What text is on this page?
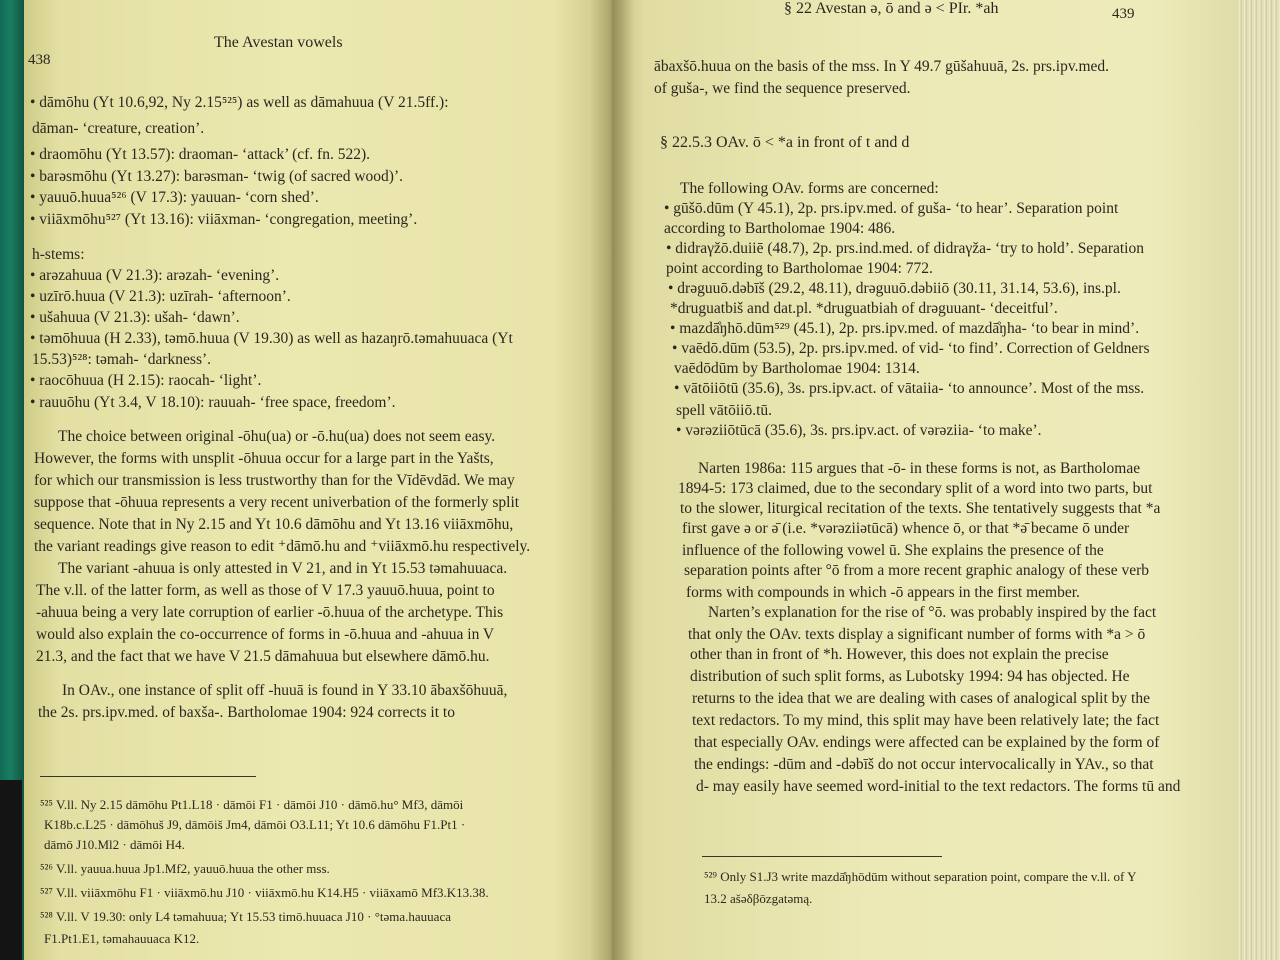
438
The Avestan vowels
• dāmōhu (Yt 10.6,92, Ny 2.15⁵²⁵) as well as dāmahuua (V 21.5ff.):
dāman- ‘creature, creation’.
• draomōhu (Yt 13.57): draoman- ‘attack’ (cf. fn. 522).
• barəsmōhu (Yt 13.27): barəsman- ‘twig (of sacred wood)’.
• yauuō.huua⁵²⁶ (V 17.3): yauuan- ‘corn shed’.
• viiāxmōhu⁵²⁷ (Yt 13.16): viiāxman- ‘congregation, meeting’.
h-stems:
• arəzahuua (V 21.3): arəzah- ‘evening’.
• uzīrō.huua (V 21.3): uzīrah- ‘afternoon’.
• ušahuua (V 21.3): ušah- ‘dawn’.
• təmōhuua (H 2.33), təmō.huua (V 19.30) as well as hazaŋrō.təmahuuaca (Yt
15.53)⁵²⁸: təmah- ‘darkness’.
• raocōhuua (H 2.15): raocah- ‘light’.
• rauuōhu (Yt 3.4, V 18.10): rauuah- ‘free space, freedom’.
The choice between original -ōhu(ua) or -ō.hu(ua) does not seem easy.
However, the forms with unsplit -ōhuua occur for a large part in the Yašts,
for which our transmission is less trustworthy than for the Vīdēvdād. We may
suppose that -ōhuua represents a very recent univerbation of the formerly split
sequence. Note that in Ny 2.15 and Yt 10.6 dāmōhu and Yt 13.16 viiāxmōhu,
the variant readings give reason to edit ⁺dāmō.hu and ⁺viiāxmō.hu respectively.
The variant -ahuua is only attested in V 21, and in Yt 15.53 təmahuuaca.
The v.ll. of the latter form, as well as those of V 17.3 yauuō.huua, point to
-ahuua being a very late corruption of earlier -ō.huua of the archetype. This
would also explain the co-occurrence of forms in -ō.huua and -ahuua in V
21.3, and the fact that we have V 21.5 dāmahuua but elsewhere dāmō.hu.
In OAv., one instance of split off -huuā is found in Y 33.10 ābaxšōhuuā,
the 2s. prs.ipv.med. of baxša-. Bartholomae 1904: 924 corrects it to
⁵²⁵ V.ll. Ny 2.15 dāmōhu Pt1.L18 · dāmōi F1 · dāmōi J10 · dāmō.hu° Mf3, dāmōi
K18b.c.L25 · dāmōhuš J9, dāmōiš Jm4, dāmōi O3.L11; Yt 10.6 dāmōhu F1.Pt1 ·
dāmō J10.Ml2 · dāmōi H4.
⁵²⁶ V.ll. yauua.huua Jp1.Mf2, yauuō.huua the other mss.
⁵²⁷ V.ll. viiāxmōhu F1 · viiāxmō.hu J10 · viiāxmō.hu K14.H5 · viiāxamō Mf3.K13.38.
⁵²⁸ V.ll. V 19.30: only L4 təmahuua; Yt 15.53 timō.huuaca J10 · °təma.hauuaca
F1.Pt1.E1, təmahauuaca K12.
§ 22 Avestan ə, ō and ə < PIr. *ah	439
ābaxšō.huua on the basis of the mss. In Y 49.7 gūšahuuā, 2s. prs.ipv.med.
of guša-, we find the sequence preserved.
§ 22.5.3 OAv. ō < *a in front of t and d
The following OAv. forms are concerned:
• gūšō.dūm (Y 45.1), 2p. prs.ipv.med. of guša- ‘to hear’. Separation point
according to Bartholomae 1904: 486.
• didraγžō.duiiē (48.7), 2p. prs.ind.med. of didraγža- ‘try to hold’. Separation
point according to Bartholomae 1904: 772.
• drəguuō.dəbīš (29.2, 48.11), drəguuō.dəbiiō (30.11, 31.14, 53.6), ins.pl.
*druguatbiš and dat.pl. *druguatbiah of drəguuant- ‘deceitful’.
• mazdā̊ŋhō.dūm⁵²⁹ (45.1), 2p. prs.ipv.med. of mazdā̊ŋha- ‘to bear in mind’.
• vaēdō.dūm (53.5), 2p. prs.ipv.med. of vid- ‘to find’. Correction of Geldners
vaēdōdūm by Bartholomae 1904: 1314.
• vātōiiōtū (35.6), 3s. prs.ipv.act. of vātaiia- ‘to announce’. Most of the mss.
spell vātōiiō.tū.
• vərəziiōtūcā (35.6), 3s. prs.ipv.act. of vərəziia- ‘to make’.
Narten 1986a: 115 argues that -ō- in these forms is not, as Bartholomae
1894-5: 173 claimed, due to the secondary split of a word into two parts, but
to the slower, liturgical recitation of the texts. She tentatively suggests that *a
first gave ə or ə̄ (i.e. *vərəziiətūcā) whence ō, or that *ə̄ became ō under
influence of the following vowel ū. She explains the presence of the
separation points after °ō from a more recent graphic analogy of these verb
forms with compounds in which -ō appears in the first member.
Narten’s explanation for the rise of °ō. was probably inspired by the fact
that only the OAv. texts display a significant number of forms with *a > ō
other than in front of *h. However, this does not explain the precise
distribution of such split forms, as Lubotsky 1994: 94 has objected. He
returns to the idea that we are dealing with cases of analogical split by the
text redactors. To my mind, this split may have been relatively late; the fact
that especially OAv. endings were affected can be explained by the form of
the endings: -dūm and -dəbīš do not occur intervocalically in YAv., so that
d- may easily have seemed word-initial to the text redactors. The forms tū and
⁵²⁹ Only S1.J3 write mazdā̊ŋhōdūm without separation point, compare the v.ll. of Y
13.2 ašəδβōzgatəmą.
